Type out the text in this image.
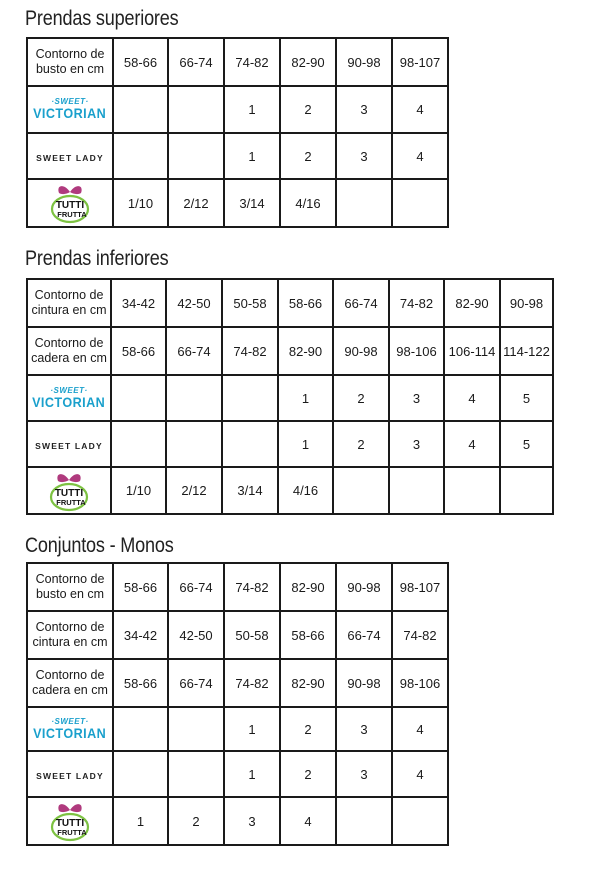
Prendas superiores
Contorno de
busto en cm	58-66	66-74	74-82	82-90	90-98	98-107

·SWEET·
VICTORIAN			1	2	3	4
SWEET LADY			1	2	3	4

TUTTI
FRUTTA	1/10	2/12	3/14	4/16		
Prendas inferiores
Contorno de
cintura en cm	34-42	42-50	50-58	58-66	66-74	74-82	82-90	90-98

Contorno de
cadera en cm	58-66	66-74	74-82	82-90	90-98	98-106	106-114	114-122

·SWEET·
VICTORIAN				1	2	3	4	5
SWEET LADY				1	2	3	4	5

TUTTI
FRUTTA	1/10	2/12	3/14	4/16				
Conjuntos - Monos
Contorno de
busto en cm	58-66	66-74	74-82	82-90	90-98	98-107

Contorno de
cintura en cm	34-42	42-50	50-58	58-66	66-74	74-82

Contorno de
cadera en cm	58-66	66-74	74-82	82-90	90-98	98-106

·SWEET·
VICTORIAN			1	2	3	4
SWEET LADY			1	2	3	4

TUTTI
FRUTTA	1	2	3	4		
